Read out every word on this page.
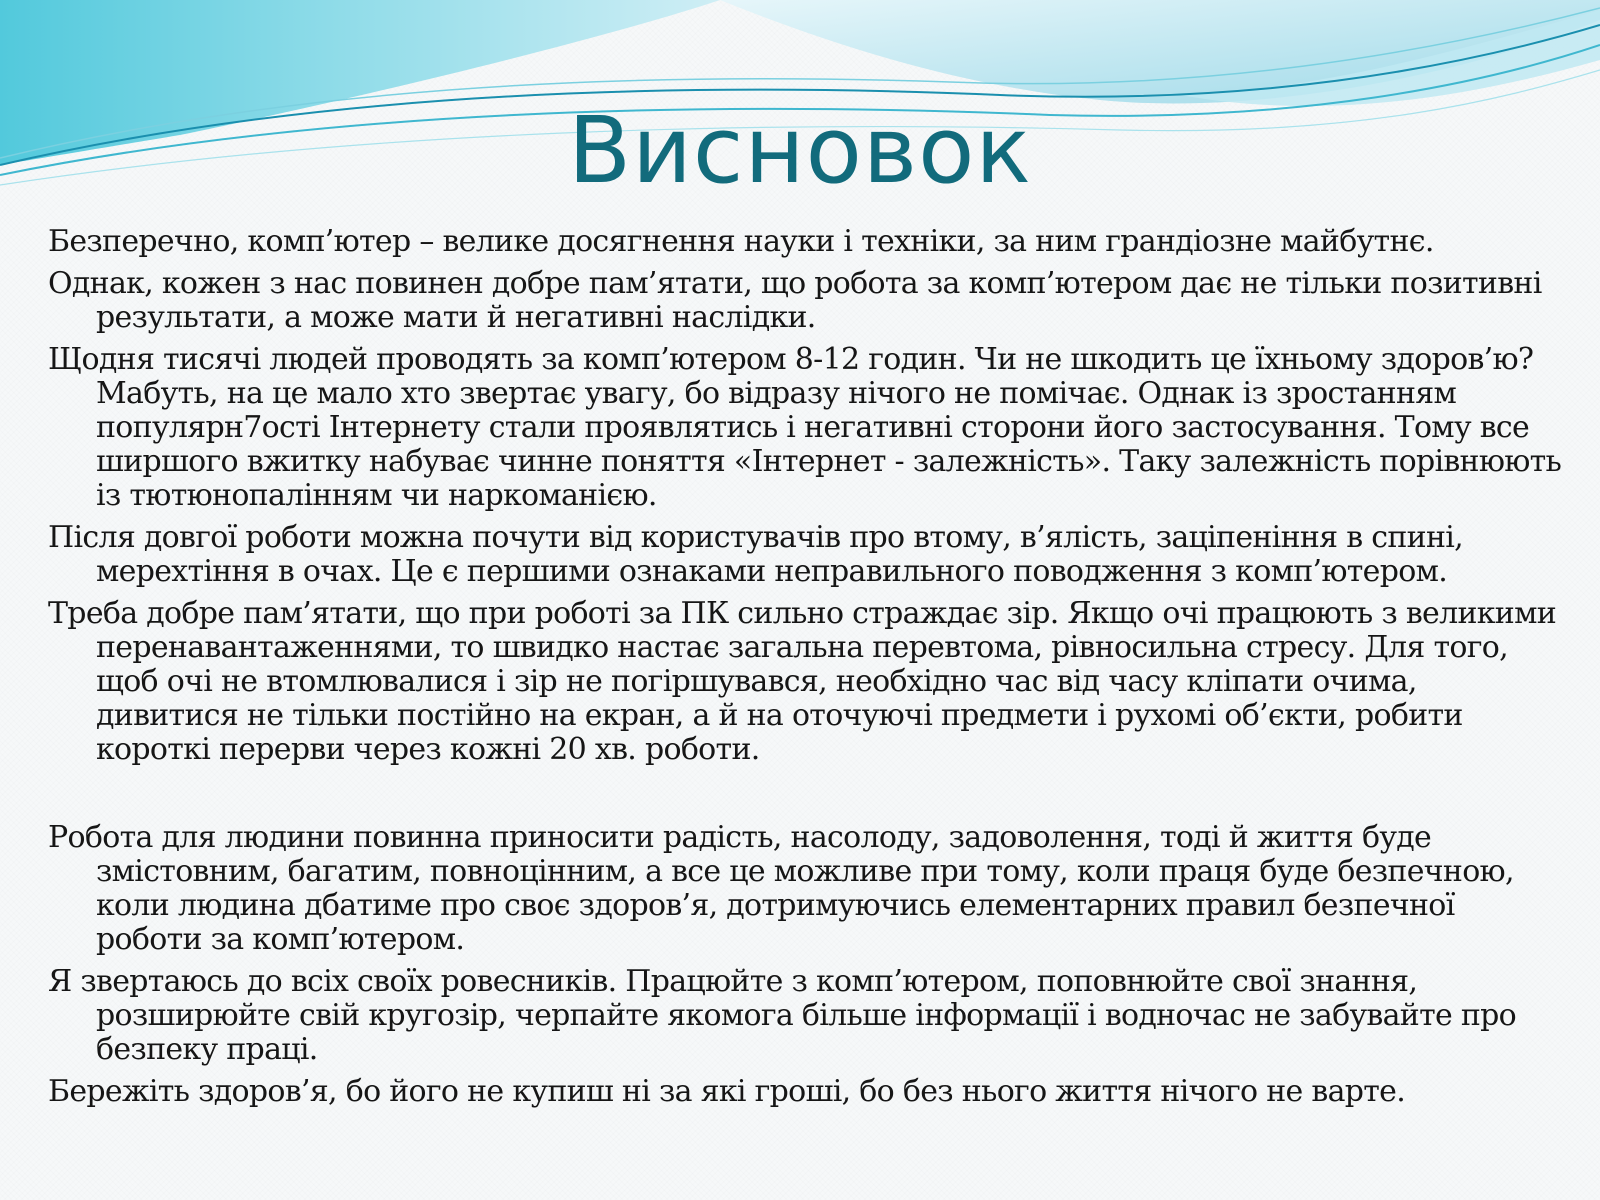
Висновок

Безперечно, комп’ютер – велике досягнення науки і техніки, за ним грандіозне майбутнє.

Однак, кожен з нас повинен добре пам’ятати, що робота за комп’ютером дає не тільки позитивні результати, а може мати й негативні наслідки.

Щодня тисячі людей проводять за комп’ютером 8-12 годин. Чи не шкодить це їхньому здоров’ю? Мабуть, на це мало хто звертає увагу, бо відразу нічого не помічає. Однак із зростанням популярн7ості Інтернету стали проявлятись і негативні сторони його застосування. Тому все ширшого вжитку набуває чинне поняття «Інтернет - залежність». Таку залежність порівнюють із тютюнопалінням чи наркоманією.

Після довгої роботи можна почути від користувачів про втому, в’ялість, заціпеніння в спині, мерехтіння в очах. Це є першими ознаками неправильного поводження з комп’ютером.

Треба добре пам’ятати, що при роботі за ПК сильно страждає зір. Якщо очі працюють з великими перенавантаженнями, то швидко настає загальна перевтома, рівносильна стресу. Для того, щоб очі не втомлювалися і зір не погіршувався, необхідно час від часу кліпати очима, дивитися не тільки постійно на екран, а й на оточуючі предмети і рухомі об’єкти, робити короткі перерви через кожні 20 хв. роботи.

Робота для людини повинна приносити радість, насолоду, задоволення, тоді й життя буде змістовним, багатим, повноцінним, а все це можливе при тому, коли праця буде безпечною, коли людина дбатиме про своє здоров’я, дотримуючись елементарних правил безпечної роботи за комп’ютером.

Я звертаюсь до всіх своїх ровесників. Працюйте з комп’ютером, поповнюйте свої знання, розширюйте свій кругозір, черпайте якомога більше інформації і водночас не забувайте про безпеку праці.

Бережіть здоров’я, бо його не купиш ні за які гроші, бо без нього життя нічого не варте.
